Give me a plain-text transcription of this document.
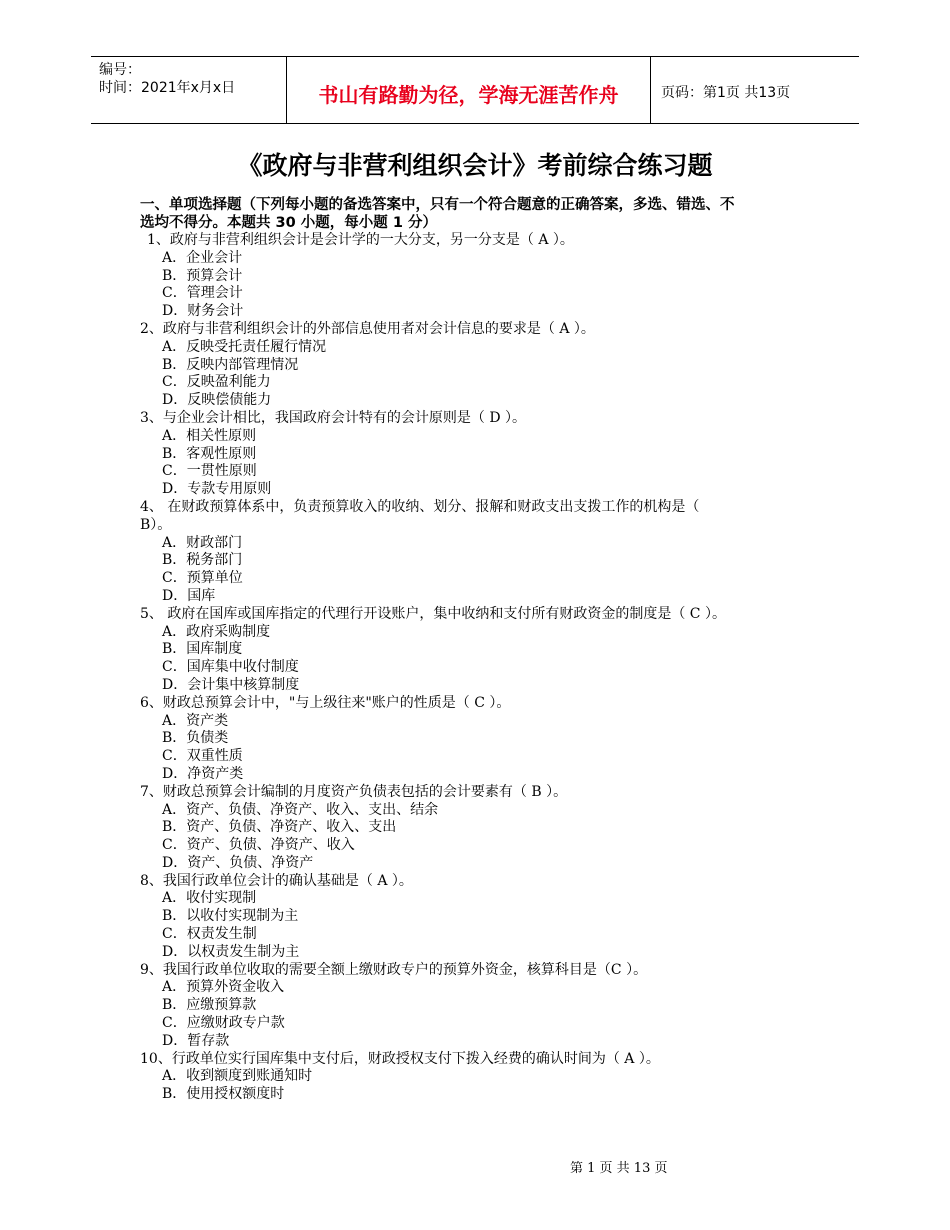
编号：
时间：2021年x月x日	书山有路勤为径，学海无涯苦作舟	页码：第1页 共13页
《政府与非营利组织会计》考前综合练习题
一、单项选择题（下列每小题的备选答案中，只有一个符合题意的正确答案，多选、错选、不
选均不得分。本题共 30 小题，每小题 1 分）
1、政府与非营利组织会计是会计学的一大分支，另一分支是（ A ）。
A．企业会计
B．预算会计
C．管理会计
D．财务会计
2、政府与非营利组织会计的外部信息使用者对会计信息的要求是（ A ）。
A．反映受托责任履行情况
B．反映内部管理情况
C．反映盈利能力
D．反映偿债能力
3、与企业会计相比，我国政府会计特有的会计原则是（ D ）。
A．相关性原则
B．客观性原则
C．一贯性原则
D．专款专用原则
4、 在财政预算体系中，负责预算收入的收纳、划分、报解和财政支出支拨工作的机构是（
B）。
A．财政部门
B．税务部门
C．预算单位
D．国库
5、 政府在国库或国库指定的代理行开设账户，集中收纳和支付所有财政资金的制度是（ C ）。
A．政府采购制度
B．国库制度
C．国库集中收付制度
D．会计集中核算制度
6、财政总预算会计中，"与上级往来"账户的性质是（ C ）。
A．资产类
B．负债类
C．双重性质
D．净资产类
7、财政总预算会计编制的月度资产负债表包括的会计要素有（ B ）。
A．资产、负债、净资产、收入、支出、结余
B．资产、负债、净资产、收入、支出
C．资产、负债、净资产、收入
D．资产、负债、净资产
8、我国行政单位会计的确认基础是（ A ）。
A．收付实现制
B．以收付实现制为主
C．权责发生制
D．以权责发生制为主
9、我国行政单位收取的需要全额上缴财政专户的预算外资金，核算科目是（C ）。
A．预算外资金收入
B．应缴预算款
C．应缴财政专户款
D．暂存款
10、行政单位实行国库集中支付后，财政授权支付下拨入经费的确认时间为（ A ）。
A．收到额度到账通知时
B．使用授权额度时
第 1 页 共 13 页
